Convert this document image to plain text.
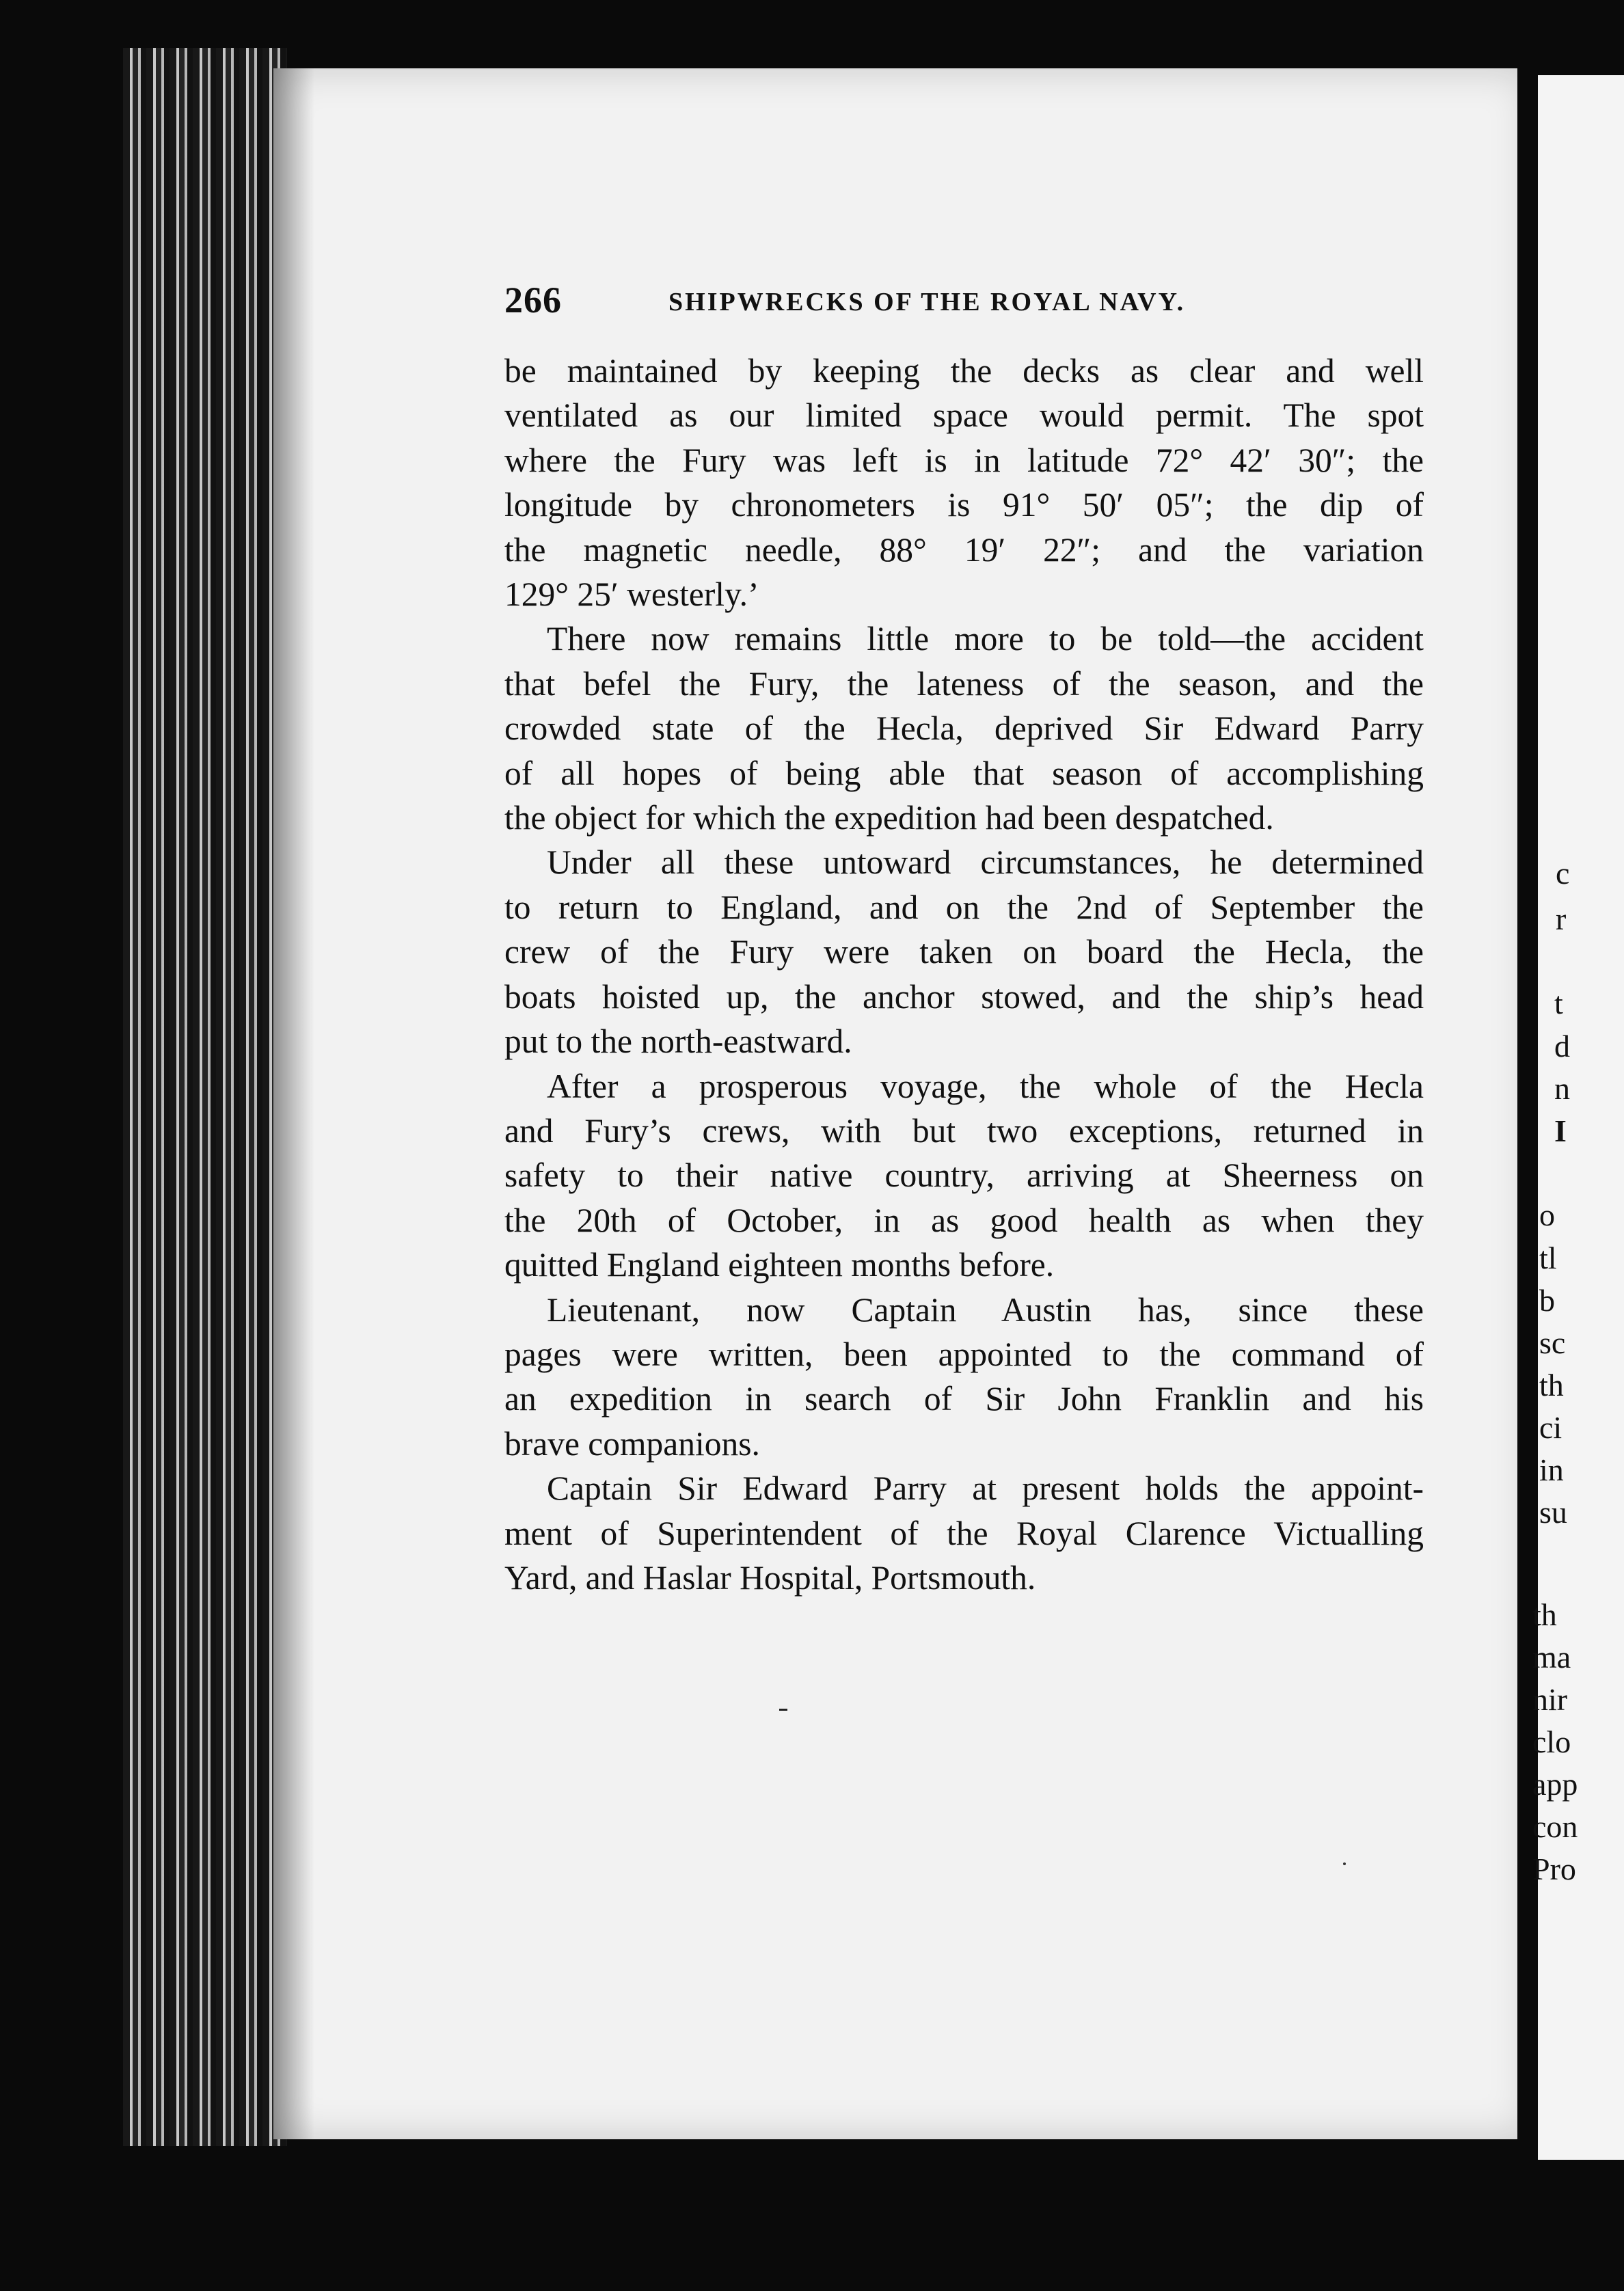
266	SHIPWRECKS OF THE ROYAL NAVY.
be maintained by keeping the decks as clear and well
ventilated as our limited space would permit. The spot
where the Fury was left is in latitude 72° 42′ 30″; the
longitude by chronometers is 91° 50′ 05″; the dip of
the magnetic needle, 88° 19′ 22″; and the variation
129° 25′ westerly.’
There now remains little more to be told—the accident
that befel the Fury, the lateness of the season, and the
crowded state of the Hecla, deprived Sir Edward Parry
of all hopes of being able that season of accomplishing
the object for which the expedition had been despatched.
Under all these untoward circumstances, he determined
to return to England, and on the 2nd of September the
crew of the Fury were taken on board the Hecla, the
boats hoisted up, the anchor stowed, and the ship’s head
put to the north-eastward.
After a prosperous voyage, the whole of the Hecla
and Fury’s crews, with but two exceptions, returned in
safety to their native country, arriving at Sheerness on
the 20th of October, in as good health as when they
quitted England eighteen months before.
Lieutenant, now Captain Austin has, since these
pages were written, been appointed to the command of
an expedition in search of Sir John Franklin and his
brave companions.
Captain Sir Edward Parry at present holds the appoint-
ment of Superintendent of the Royal Clarence Victualling
Yard, and Haslar Hospital, Portsmouth.
c
r
t
d
n
I
o
tl
b
sc
th
ci
in
su
th
ma
nir
clo
app
con
Pro
